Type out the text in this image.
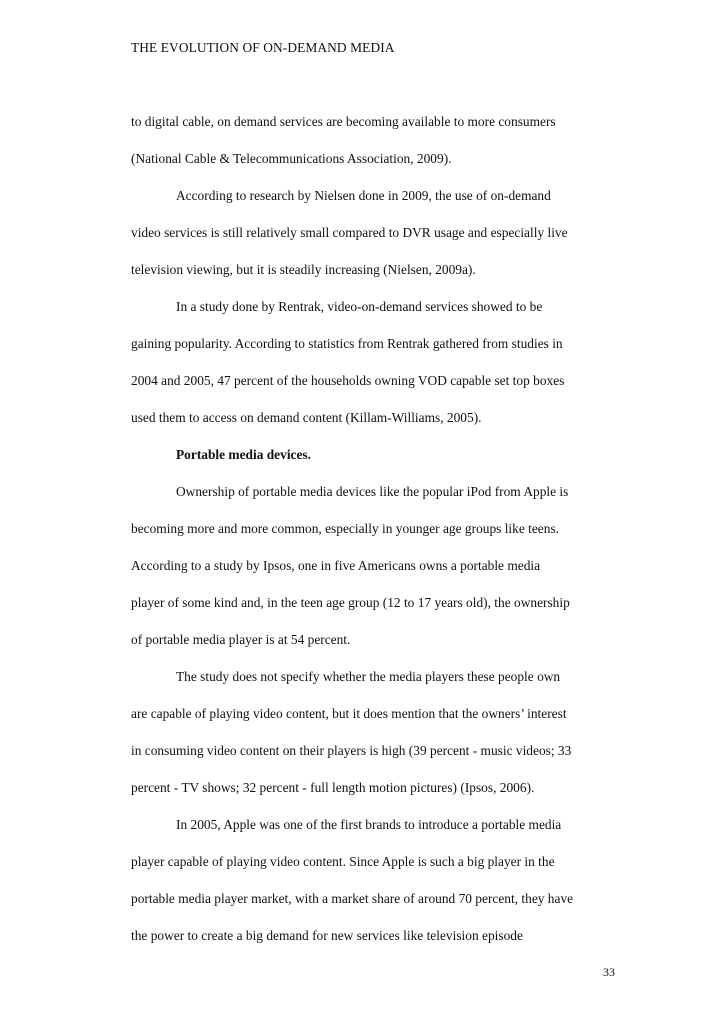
THE EVOLUTION OF ON-DEMAND MEDIA
to digital cable, on demand services are becoming available to more consumers
(National Cable & Telecommunications Association, 2009).
According to research by Nielsen done in 2009, the use of on-demand
video services is still relatively small compared to DVR usage and especially live
television viewing, but it is steadily increasing (Nielsen, 2009a).
In a study done by Rentrak, video-on-demand services showed to be
gaining popularity. According to statistics from Rentrak gathered from studies in
2004 and 2005, 47 percent of the households owning VOD capable set top boxes
used them to access on demand content (Killam-Williams, 2005).
Portable media devices.
Ownership of portable media devices like the popular iPod from Apple is
becoming more and more common, especially in younger age groups like teens.
According to a study by Ipsos, one in five Americans owns a portable media
player of some kind and, in the teen age group (12 to 17 years old), the ownership
of portable media player is at 54 percent.
The study does not specify whether the media players these people own
are capable of playing video content, but it does mention that the owners’ interest
in consuming video content on their players is high (39 percent - music videos; 33
percent - TV shows; 32 percent - full length motion pictures) (Ipsos, 2006).
In 2005, Apple was one of the first brands to introduce a portable media
player capable of playing video content. Since Apple is such a big player in the
portable media player market, with a market share of around 70 percent, they have
the power to create a big demand for new services like television episode
33
